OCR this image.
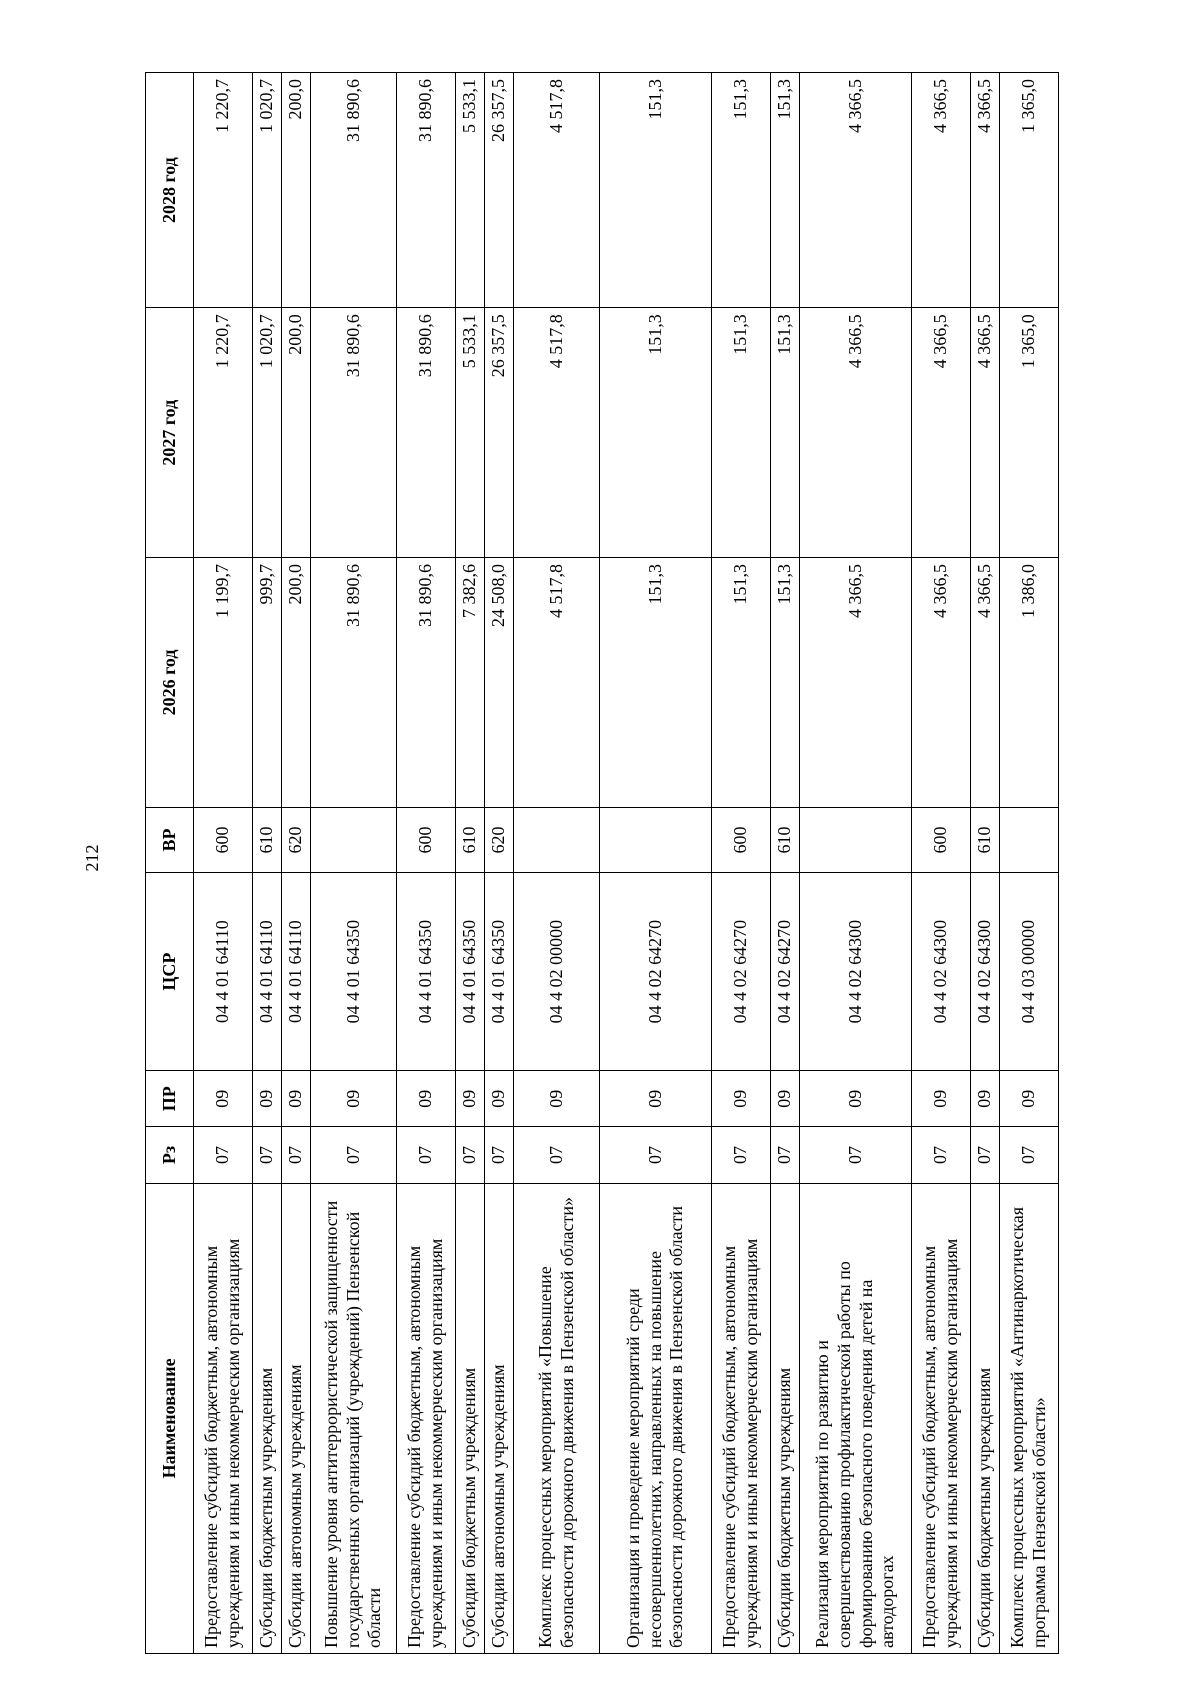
212
Наименование	Рз	ПР	ЦСР	ВР	2026 год	2027 год	2028 год
Предоставление субсидий бюджетным, автономным учреждениям и иным некоммерческим организациям	07	09	04 4 01 64110	600	1 199,7	1 220,7	1 220,7
Субсидии бюджетным учреждениям	07	09	04 4 01 64110	610	999,7	1 020,7	1 020,7
Субсидии автономным учреждениям	07	09	04 4 01 64110	620	200,0	200,0	200,0
Повышение уровня антитеррористической защищенности государственных организаций (учреждений) Пензенской области	07	09	04 4 01 64350		31 890,6	31 890,6	31 890,6
Предоставление субсидий бюджетным, автономным учреждениям и иным некоммерческим организациям	07	09	04 4 01 64350	600	31 890,6	31 890,6	31 890,6
Субсидии бюджетным учреждениям	07	09	04 4 01 64350	610	7 382,6	5 533,1	5 533,1
Субсидии автономным учреждениям	07	09	04 4 01 64350	620	24 508,0	26 357,5	26 357,5
Комплекс процессных мероприятий «Повышение безопасности дорожного движения в Пензенской области»	07	09	04 4 02 00000		4 517,8	4 517,8	4 517,8
Организация и проведение мероприятий среди несовершеннолетних, направленных на повышение безопасности дорожного движения в Пензенской области	07	09	04 4 02 64270		151,3	151,3	151,3
Предоставление субсидий бюджетным, автономным учреждениям и иным некоммерческим организациям	07	09	04 4 02 64270	600	151,3	151,3	151,3
Субсидии бюджетным учреждениям	07	09	04 4 02 64270	610	151,3	151,3	151,3
Реализация мероприятий по развитию и совершенствованию профилактической работы по формированию безопасного поведения детей на автодорогах	07	09	04 4 02 64300		4 366,5	4 366,5	4 366,5
Предоставление субсидий бюджетным, автономным учреждениям и иным некоммерческим организациям	07	09	04 4 02 64300	600	4 366,5	4 366,5	4 366,5
Субсидии бюджетным учреждениям	07	09	04 4 02 64300	610	4 366,5	4 366,5	4 366,5
Комплекс процессных мероприятий «Антинаркотическая программа Пензенской области»	07	09	04 4 03 00000		1 386,0	1 365,0	1 365,0
